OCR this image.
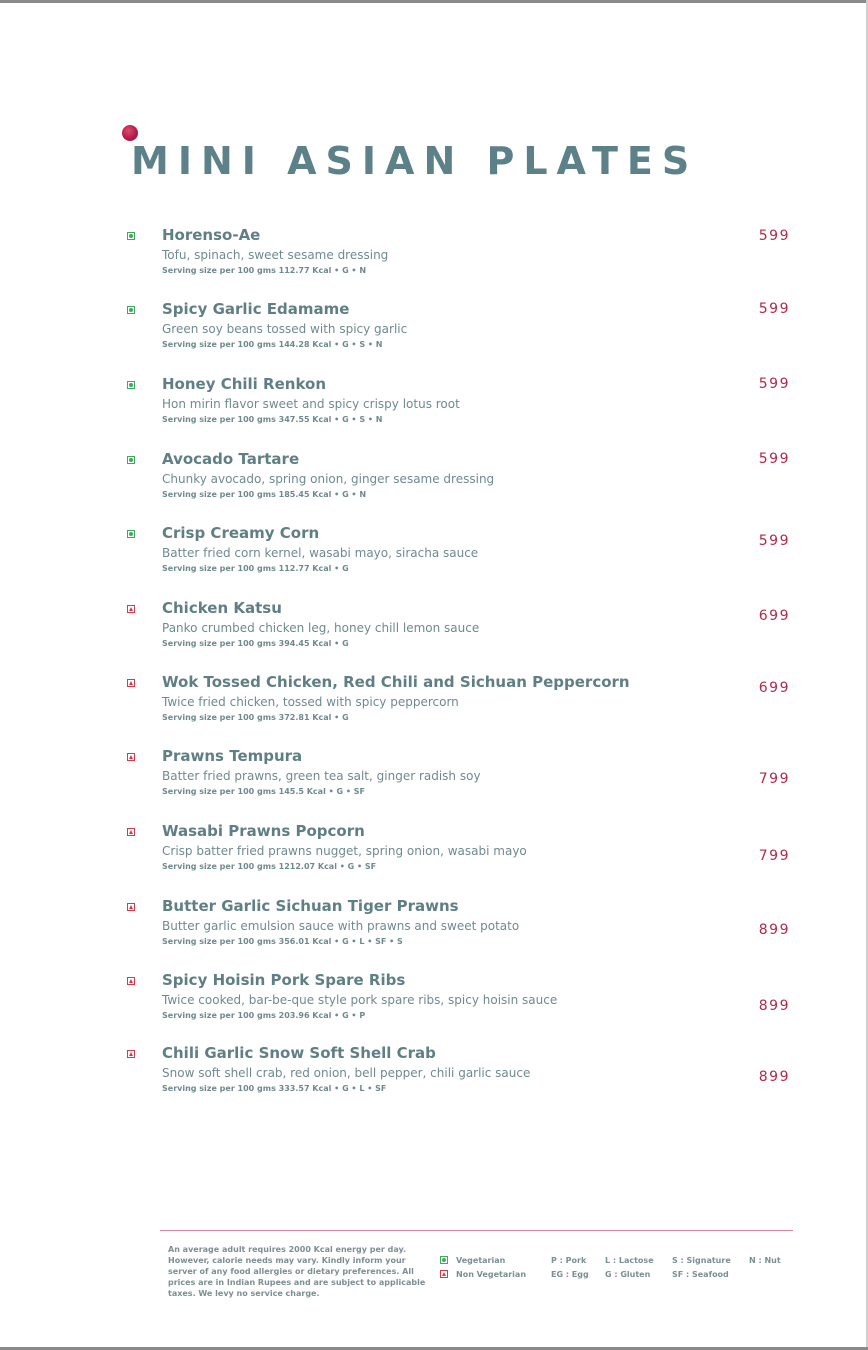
MINI ASIAN PLATES
Horenso-Ae
Tofu, spinach, sweet sesame dressing
Serving size per 100 gms 112.77 Kcal • G • N
599
Spicy Garlic Edamame
Green soy beans tossed with spicy garlic
Serving size per 100 gms 144.28 Kcal • G • S • N
599
Honey Chili Renkon
Hon mirin flavor sweet and spicy crispy lotus root
Serving size per 100 gms 347.55 Kcal • G • S • N
599
Avocado Tartare
Chunky avocado, spring onion, ginger sesame dressing
Serving size per 100 gms 185.45 Kcal • G • N
599
Crisp Creamy Corn
Batter fried corn kernel, wasabi mayo, siracha sauce
Serving size per 100 gms 112.77 Kcal • G
599
Chicken Katsu
Panko crumbed chicken leg, honey chill lemon sauce
Serving size per 100 gms 394.45 Kcal • G
699
Wok Tossed Chicken, Red Chili and Sichuan Peppercorn
Twice fried chicken, tossed with spicy peppercorn
Serving size per 100 gms 372.81 Kcal • G
699
Prawns Tempura
Batter fried prawns, green tea salt, ginger radish soy
Serving size per 100 gms 145.5 Kcal • G • SF
799
Wasabi Prawns Popcorn
Crisp batter fried prawns nugget, spring onion, wasabi mayo
Serving size per 100 gms 1212.07 Kcal • G • SF
799
Butter Garlic Sichuan Tiger Prawns
Butter garlic emulsion sauce with prawns and sweet potato
Serving size per 100 gms 356.01 Kcal • G • L • SF • S
899
Spicy Hoisin Pork Spare Ribs
Twice cooked, bar-be-que style pork spare ribs, spicy hoisin sauce
Serving size per 100 gms 203.96 Kcal • G • P
899
Chili Garlic Snow Soft Shell Crab
Snow soft shell crab, red onion, bell pepper, chili garlic sauce
Serving size per 100 gms 333.57 Kcal • G • L • SF
899
An average adult requires 2000 Kcal energy per day. However, calorie needs may vary. Kindly inform your server of any food allergies or dietary preferences. All prices are in Indian Rupees and are subject to applicable taxes. We levy no service charge.
Vegetarian
Non Vegetarian
P : Pork
EG : Egg
L : Lactose
G : Gluten
S : Signature
SF : Seafood
N : Nut
